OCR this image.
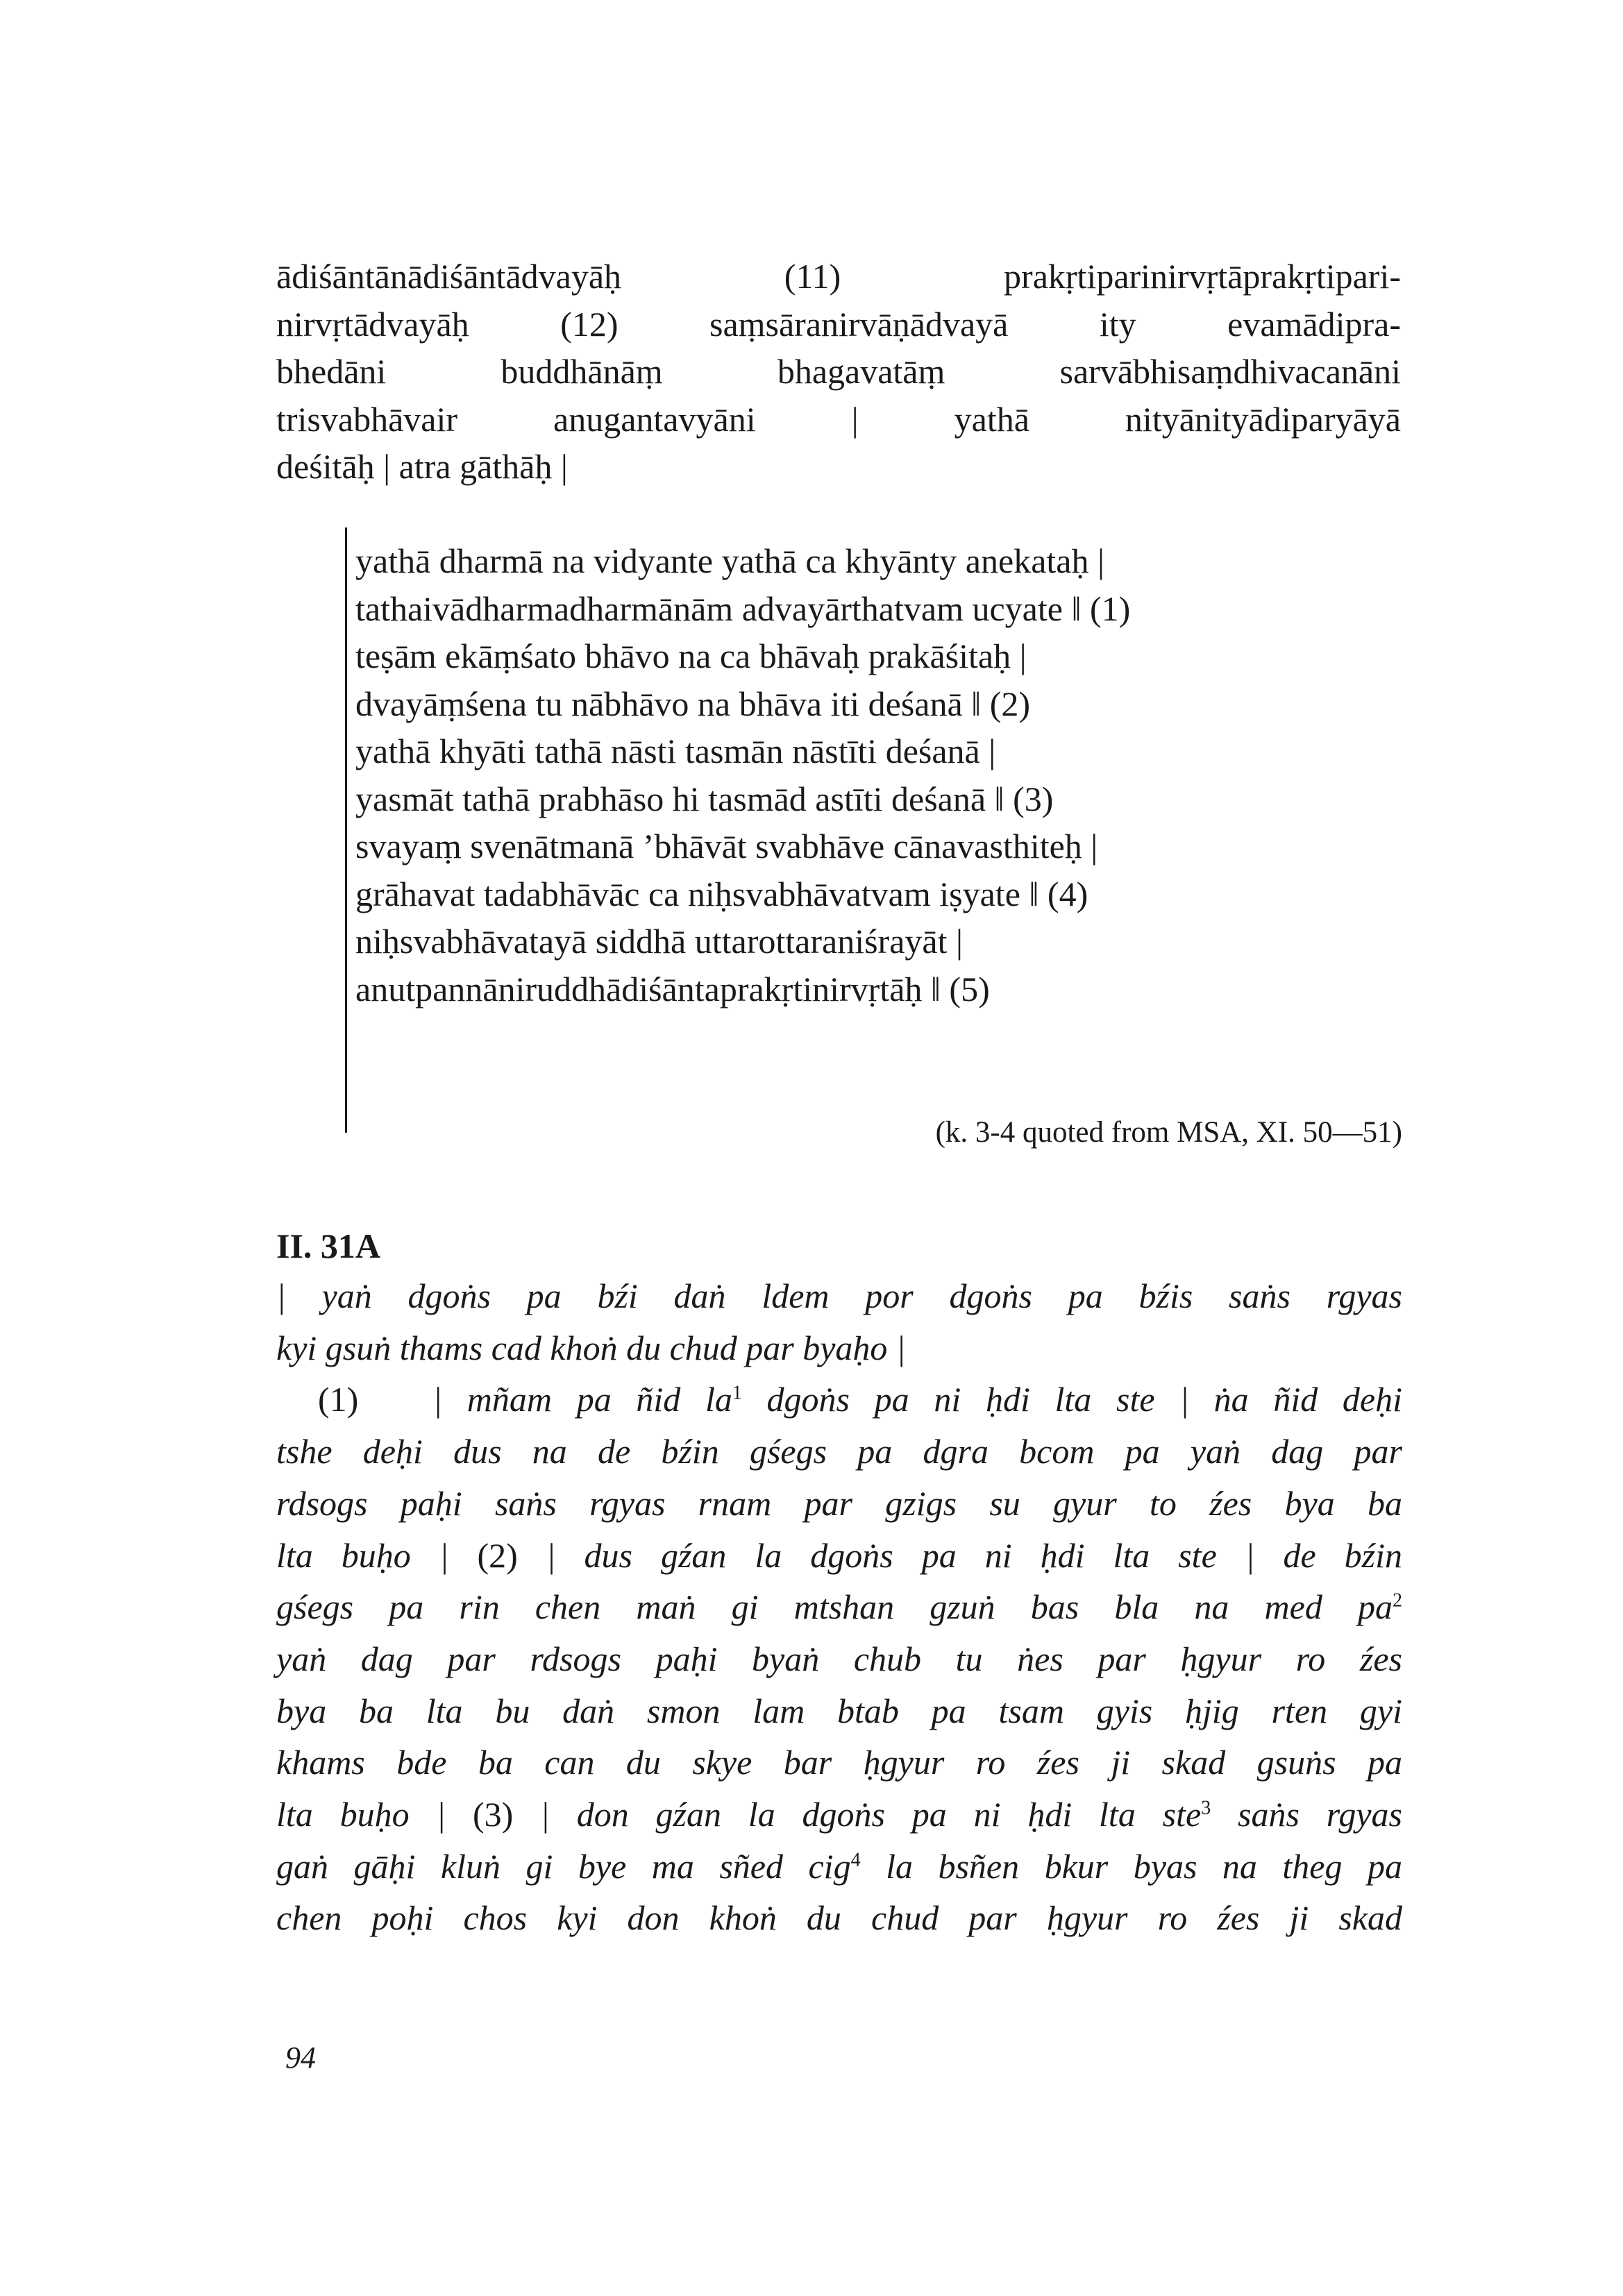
ādiśāntānādiśāntādvayāḥ (11) prakṛtiparinirvṛtāprakṛtipari-
nirvṛtādvayāḥ (12) saṃsāranirvāṇādvayā ity evamādipra-
bhedāni buddhānāṃ bhagavatāṃ sarvābhisaṃdhivacanāni
trisvabhāvair anugantavyāni | yathā nityānityādiparyāyā
deśitāḥ | atra gāthāḥ |
yathā dharmā na vidyante yathā ca khyānty anekataḥ |
tathaivādharmadharmānām advayārthatvam ucyate ‖ (1)
teṣām ekāṃśato bhāvo na ca bhāvaḥ prakāśitaḥ |
dvayāṃśena tu nābhāvo na bhāva iti deśanā ‖ (2)
yathā khyāti tathā nāsti tasmān nāstīti deśanā |
yasmāt tathā prabhāso hi tasmād astīti deśanā ‖ (3)
svayaṃ svenātmanā ’bhāvāt svabhāve cānavasthiteḥ |
grāhavat tadabhāvāc ca niḥsvabhāvatvam iṣyate ‖ (4)
niḥsvabhāvatayā siddhā uttarottaraniśrayāt |
anutpannāniruddhādiśāntaprakṛtinirvṛtāḥ ‖ (5)
(k. 3-4 quoted from MSA, XI. 50—51)
II. 31A
| yaṅ dgoṅs pa bźi daṅ ldem por dgoṅs pa bźis saṅs rgyas
kyi gsuṅ thams cad khoṅ du chud par byaḥo |
(1) | mñam pa ñid $la^1$ dgoṅs pa ni ḥdi lta ste | ṅa ñid deḥi
tshe deḥi dus na de bźin gśegs pa dgra bcom pa yaṅ dag par
rdsogs paḥi saṅs rgyas rnam par gzigs su gyur to źes bya ba
lta buḥo | (2) | dus gźan la dgoṅs pa ni ḥdi lta ste | de bźin
gśegs pa rin chen maṅ gi mtshan gzuṅ bas bla na med $pa^2$
yaṅ dag par rdsogs paḥi byaṅ chub tu ṅes par ḥgyur ro źes
bya ba lta bu daṅ smon lam btab pa tsam gyis ḥjig rten gyi
khams bde ba can du skye bar ḥgyur ro źes ji skad gsuṅs pa
lta buḥo | (3) | don gźan la dgoṅs pa ni ḥdi lta ste$^3$ saṅs rgyas
gaṅ gāḥi kluṅ gi bye ma sñed cig$^4$ la bsñen bkur byas na theg pa
chen poḥi chos kyi don khoṅ du chud par ḥgyur ro źes ji skad
94
